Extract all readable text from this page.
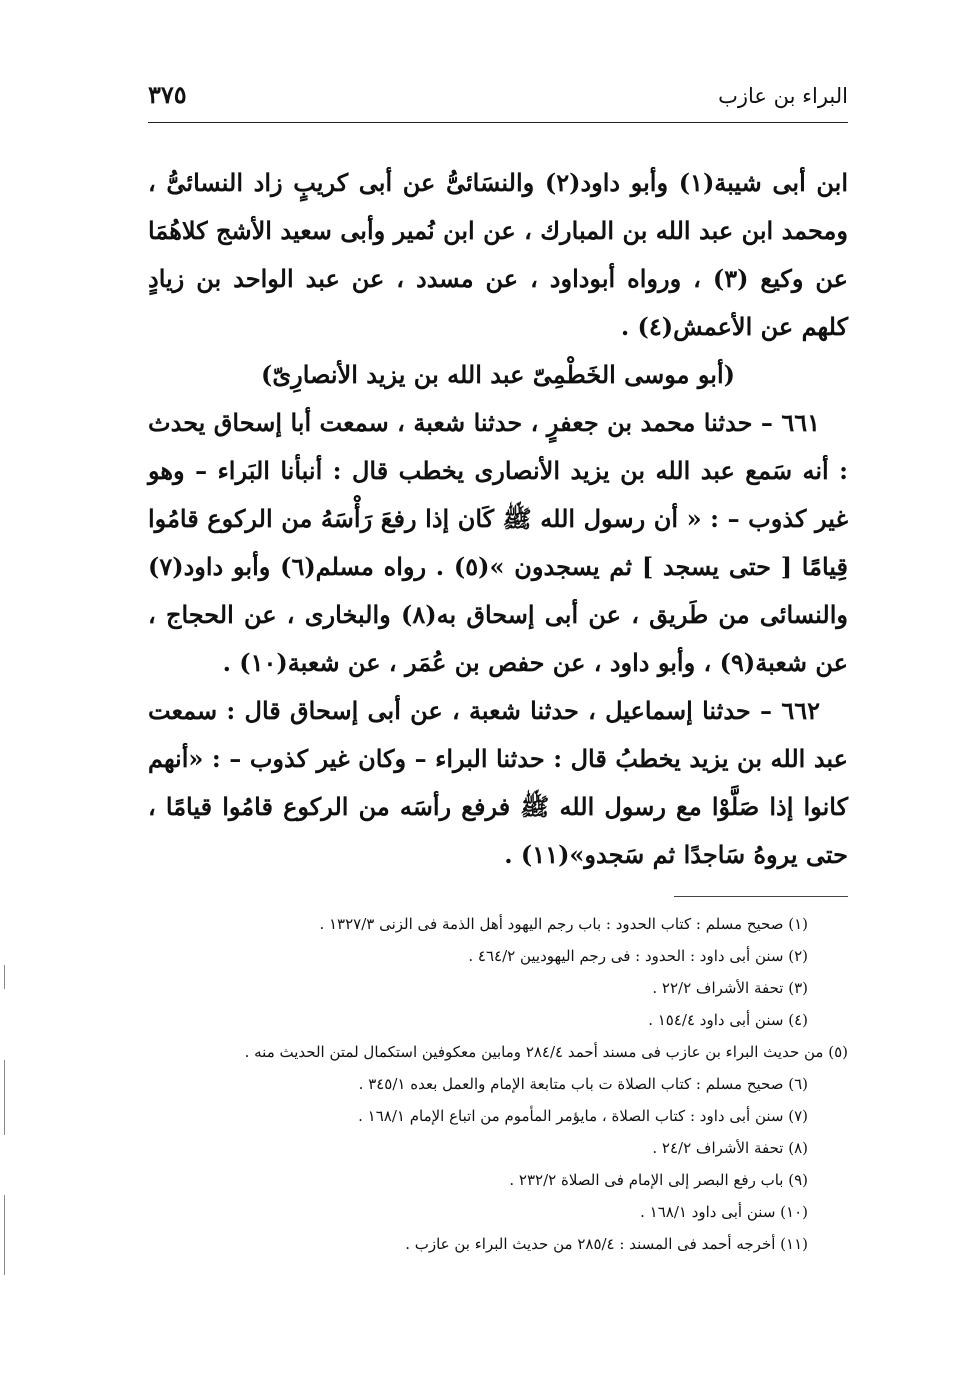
البراء بن عازب
٣٧٥

ابن أبى شيبة(١) وأبو داود(٢) والنسَائىُّ عن أبى كريبٍ زاد النسائىُّ ، ومحمد ابن عبد الله بن المبارك ، عن ابن نُمير وأبى سعيد الأشج كلاهُمَا عن وكيع (٣) ، ورواه أبوداود ، عن مسدد ، عن عبد الواحد بن زيادٍ كلهم عن الأعمش(٤) .

(أبو موسى الخَطْمِىّ عبد الله بن يزيد الأنصارِىّ)

٦٦١ – حدثنا محمد بن جعفرٍ ، حدثنا شعبة ، سمعت أبا إسحاق يحدث : أنه سَمع عبد الله بن يزيد الأنصارى يخطب قال : أنبأنا البَراء – وهو غير كذوب – : « أن رسول الله ﷺ كَان إذا رفعَ رَأْسَهُ من الركوع قامُوا قِيامًا [ حتى يسجد ] ثم يسجدون »(٥) . رواه مسلم(٦) وأبو داود(٧) والنسائى من طَريق ، عن أبى إسحاق به(٨) والبخارى ، عن الحجاج ، عن شعبة(٩) ، وأبو داود ، عن حفص بن عُمَر ، عن شعبة(١٠) .

٦٦٢ – حدثنا إسماعيل ، حدثنا شعبة ، عن أبى إسحاق قال : سمعت عبد الله بن يزيد يخطبُ قال : حدثنا البراء – وكان غير كذوب – : «أنهم كانوا إذا صَلَّوْا مع رسول الله ﷺ فرفع رأسَه من الركوع قامُوا قيامًا ، حتى يروهُ سَاجدًا ثم سَجدو»(١١) .

(١) صحيح مسلم : كتاب الحدود : باب رجم اليهود أهل الذمة فى الزنى ١٣٢٧/٣ .

(٢) سنن أبى داود : الحدود : فى رجم اليهوديين ٤٦٤/٢ .

(٣) تحفة الأشراف ٢٢/٢ .

(٤) سنن أبى داود ١٥٤/٤ .

(٥) من حديث البراء بن عازب فى مسند أحمد ٢٨٤/٤ ومابين معكوفين استكمال لمتن الحديث منه .

(٦) صحيح مسلم : كتاب الصلاة ت باب متابعة الإمام والعمل بعده ٣٤٥/١ .

(٧) سنن أبى داود : كتاب الصلاة ، مايؤمر المأموم من اتباع الإمام ١٦٨/١ .

(٨) تحفة الأشراف ٢٤/٢ .

(٩) باب رفع البصر إلى الإمام فى الصلاة ٢٣٢/٢ .

(١٠) سنن أبى داود ١٦٨/١ .

(١١) أخرجه أحمد فى المسند : ٢٨٥/٤ من حديث البراء بن عازب .
